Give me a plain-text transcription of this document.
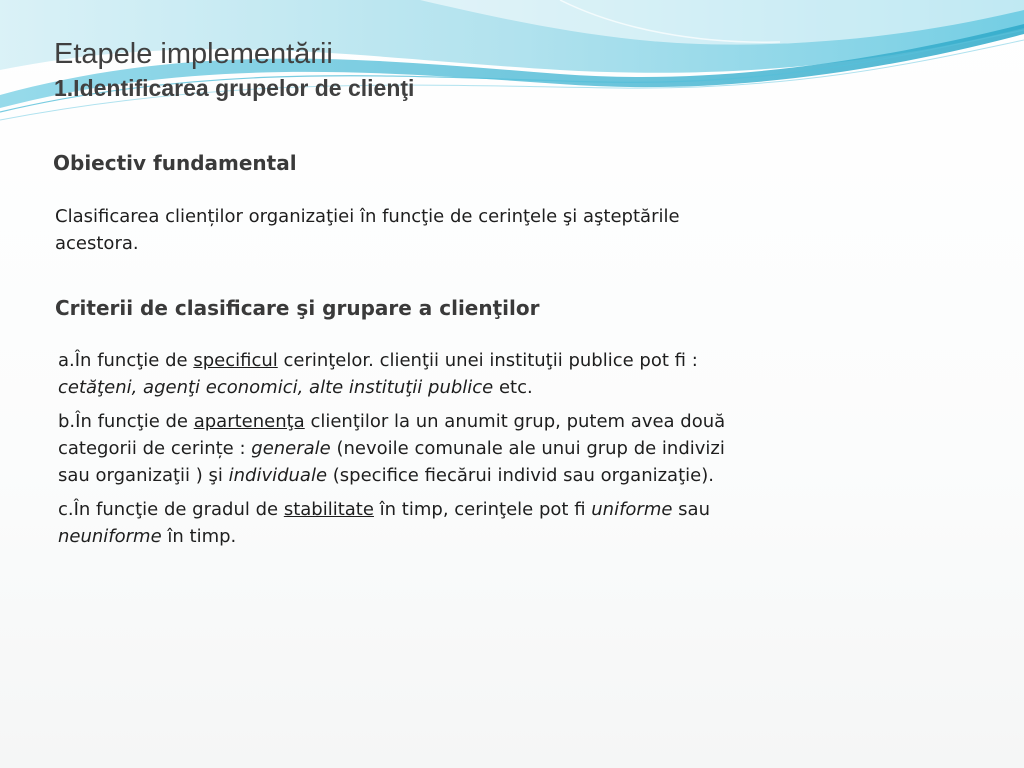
Etapele implementării
1.Identificarea grupelor de clienţi
Obiectiv fundamental

Clasificarea clienților organizaţiei în funcţie de cerinţele şi aşteptările acestora.

Criterii de clasificare şi grupare a clienţilor
a.În funcţie de specificul cerinţelor. clienţii unei instituţii publice pot fi : cetăţeni, agenţi economici, alte instituţii publice etc.
b.În funcţie de apartenenţa clienţilor la un anumit grup, putem avea două categorii de cerințe : generale (nevoile comunale ale unui grup de indivizi sau organizaţii ) şi individuale (specifice fiecărui individ sau organizaţie).
c.În funcţie de gradul de stabilitate în timp, cerinţele pot fi uniforme sau neuniforme în timp.
